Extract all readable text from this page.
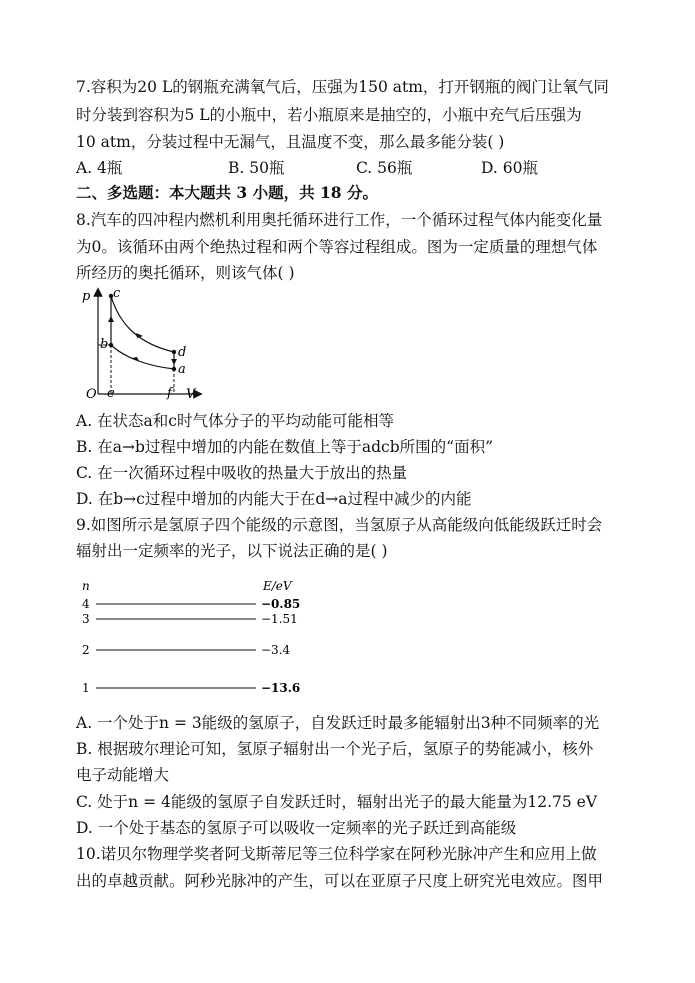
7.容积为20 L的钢瓶充满氧气后，压强为150 atm，打开钢瓶的阀门让氧气同
时分装到容积为5 L的小瓶中，若小瓶原来是抽空的，小瓶中充气后压强为
10 atm，分装过程中无漏气，且温度不变，那么最多能分装( )
A. 4瓶	B. 50瓶	C. 56瓶	D. 60瓶
二、多选题：本大题共 3 小题，共 18 分。
8.汽车的四冲程内燃机利用奥托循环进行工作，一个循环过程气体内能变化量
为0。该循环由两个绝热过程和两个等容过程组成。图为一定质量的理想气体
所经历的奥托循环，则该气体( )
p
V
O
c
b
d
a
e	f
A. 在状态a和c时气体分子的平均动能可能相等
B. 在a→b过程中增加的内能在数值上等于adcb所围的“面积”
C. 在一次循环过程中吸收的热量大于放出的热量
D. 在b→c过程中增加的内能大于在d→a过程中减少的内能
9.如图所示是氢原子四个能级的示意图，当氢原子从高能级向低能级跃迁时会
辐射出一定频率的光子，以下说法正确的是( )
n	E/eV
4	−0.85
3	−1.51
2	−3.4
1	−13.6
A. 一个处于n = 3能级的氢原子，自发跃迁时最多能辐射出3种不同频率的光
B. 根据玻尔理论可知，氢原子辐射出一个光子后，氢原子的势能减小，核外
电子动能增大
C. 处于n = 4能级的氢原子自发跃迁时，辐射出光子的最大能量为12.75 eV
D. 一个处于基态的氢原子可以吸收一定频率的光子跃迁到高能级
10.诺贝尔物理学奖者阿戈斯蒂尼等三位科学家在阿秒光脉冲产生和应用上做
出的卓越贡献。阿秒光脉冲的产生，可以在亚原子尺度上研究光电效应。图甲
